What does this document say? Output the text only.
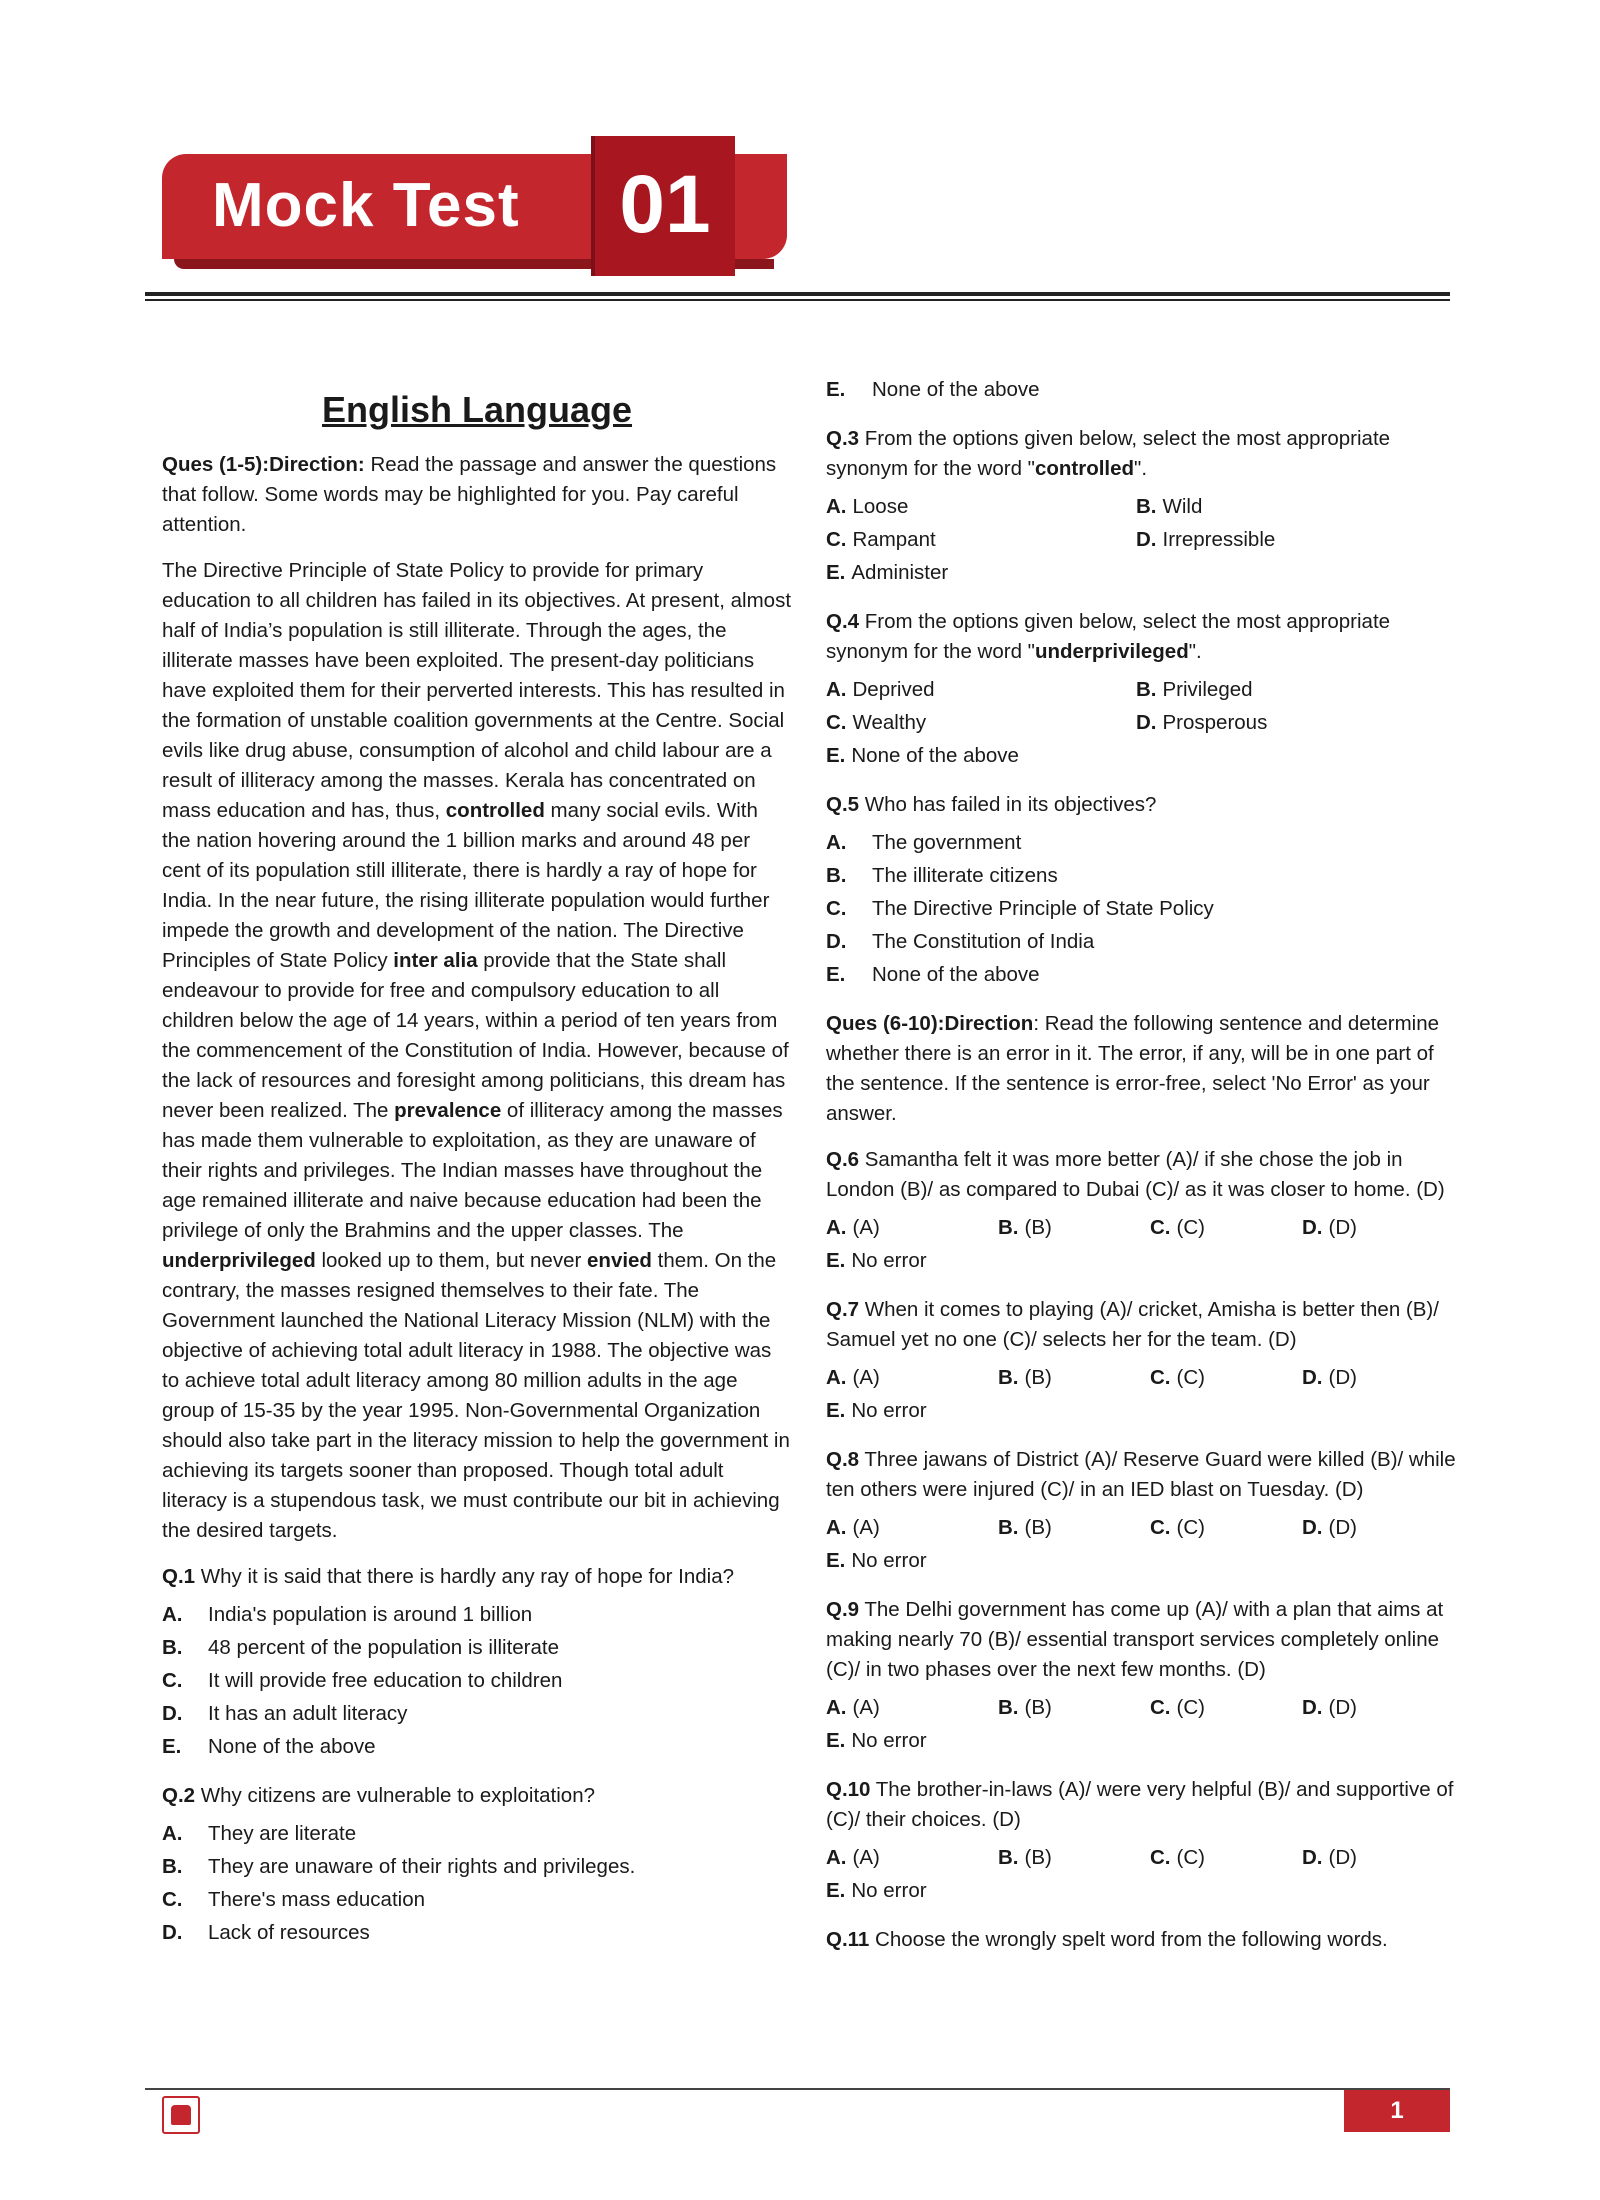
Mock Test 01
English Language

Ques (1-5):Direction: Read the passage and answer the questions that follow. Some words may be highlighted for you. Pay careful attention.

The Directive Principle of State Policy to provide for primary education to all children has failed in its objectives. At present, almost half of India’s population is still illiterate. Through the ages, the illiterate masses have been exploited. The present-day politicians have exploited them for their perverted interests. This has resulted in the formation of unstable coalition governments at the Centre. Social evils like drug abuse, consumption of alcohol and child labour are a result of illiteracy among the masses. Kerala has concentrated on mass education and has, thus, controlled many social evils. With the nation hovering around the 1 billion marks and around 48 per cent of its population still illiterate, there is hardly a ray of hope for India. In the near future, the rising illiterate population would further impede the growth and development of the nation. The Directive Principles of State Policy inter alia provide that the State shall endeavour to provide for free and compulsory education to all children below the age of 14 years, within a period of ten years from the commencement of the Constitution of India. However, because of the lack of resources and foresight among politicians, this dream has never been realized. The prevalence of illiteracy among the masses has made them vulnerable to exploitation, as they are unaware of their rights and privileges. The Indian masses have throughout the age remained illiterate and naive because education had been the privilege of only the Brahmins and the upper classes. The underprivileged looked up to them, but never envied them. On the contrary, the masses resigned themselves to their fate. The Government launched the National Literacy Mission (NLM) with the objective of achieving total adult literacy in 1988. The objective was to achieve total adult literacy among 80 million adults in the age group of 15-35 by the year 1995. Non-Governmental Organization should also take part in the literacy mission to help the government in achieving its targets sooner than proposed. Though total adult literacy is a stupendous task, we must contribute our bit in achieving the desired targets.

Q.1 Why it is said that there is hardly any ray of hope for India?
A.	India's population is around 1 billion
B.	48 percent of the population is illiterate
C.	It will provide free education to children
D.	It has an adult literacy
E.	None of the above
Q.2 Why citizens are vulnerable to exploitation?
A.	They are literate
B.	They are unaware of their rights and privileges.
C.	There's mass education
D.	Lack of resources
E.	None of the above
Q.3 From the options given below, select the most appropriate synonym for the word "controlled".
A. Loose	B. Wild
C. Rampant	D. Irrepressible
E. Administer
Q.4 From the options given below, select the most appropriate synonym for the word "underprivileged".
A. Deprived	B. Privileged
C. Wealthy	D. Prosperous
E. None of the above
Q.5 Who has failed in its objectives?
A.	The government
B.	The illiterate citizens
C.	The Directive Principle of State Policy
D.	The Constitution of India
E.	None of the above

Ques (6-10):Direction: Read the following sentence and determine whether there is an error in it. The error, if any, will be in one part of the sentence. If the sentence is error-free, select 'No Error' as your answer.

Q.6 Samantha felt it was more better (A)/ if she chose the job in London (B)/ as compared to Dubai (C)/ as it was closer to home. (D)
A. (A)	B. (B)	C. (C)	D. (D)
E. No error
Q.7 When it comes to playing (A)/ cricket, Amisha is better then (B)/ Samuel yet no one (C)/ selects her for the team. (D)
A. (A)	B. (B)	C. (C)	D. (D)
E. No error
Q.8 Three jawans of District (A)/ Reserve Guard were killed (B)/ while ten others were injured (C)/ in an IED blast on Tuesday. (D)
A. (A)	B. (B)	C. (C)	D. (D)
E. No error
Q.9 The Delhi government has come up (A)/ with a plan that aims at making nearly 70 (B)/ essential transport services completely online (C)/ in two phases over the next few months. (D)
A. (A)	B. (B)	C. (C)	D. (D)
E. No error
Q.10 The brother-in-laws (A)/ were very helpful (B)/ and supportive of (C)/ their choices. (D)
A. (A)	B. (B)	C. (C)	D. (D)
E. No error
Q.11 Choose the wrongly spelt word from the following words.
1
